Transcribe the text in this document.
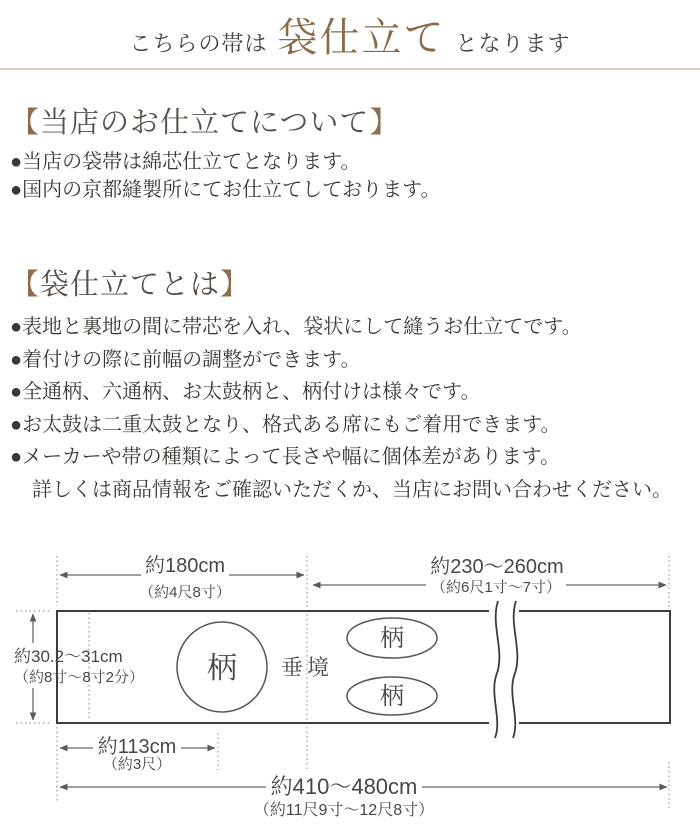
こちらの帯は 袋仕立て となります
【当店のお仕立てについて】
●当店の袋帯は綿芯仕立てとなります。
●国内の京都縫製所にてお仕立てしております。
【袋仕立てとは】
●表地と裏地の間に帯芯を入れ、袋状にして縫うお仕立てです。
●着付けの際に前幅の調整ができます。
●全通柄、六通柄、お太鼓柄と、柄付けは様々です。
●お太鼓は二重太鼓となり、格式ある席にもご着用できます。
●メーカーや帯の種類によって長さや幅に個体差があります。
詳しくは商品情報をご確認いただくか、当店にお問い合わせください。
約180cm
（約4尺8寸）
約230～260cm
（約6尺1寸～7寸）
約30.2～31cm
（約8寸～8寸2分）
約113cm
（約3尺）
約410～480cm
（約11尺9寸～12尺8寸）
柄
柄
柄
垂境
